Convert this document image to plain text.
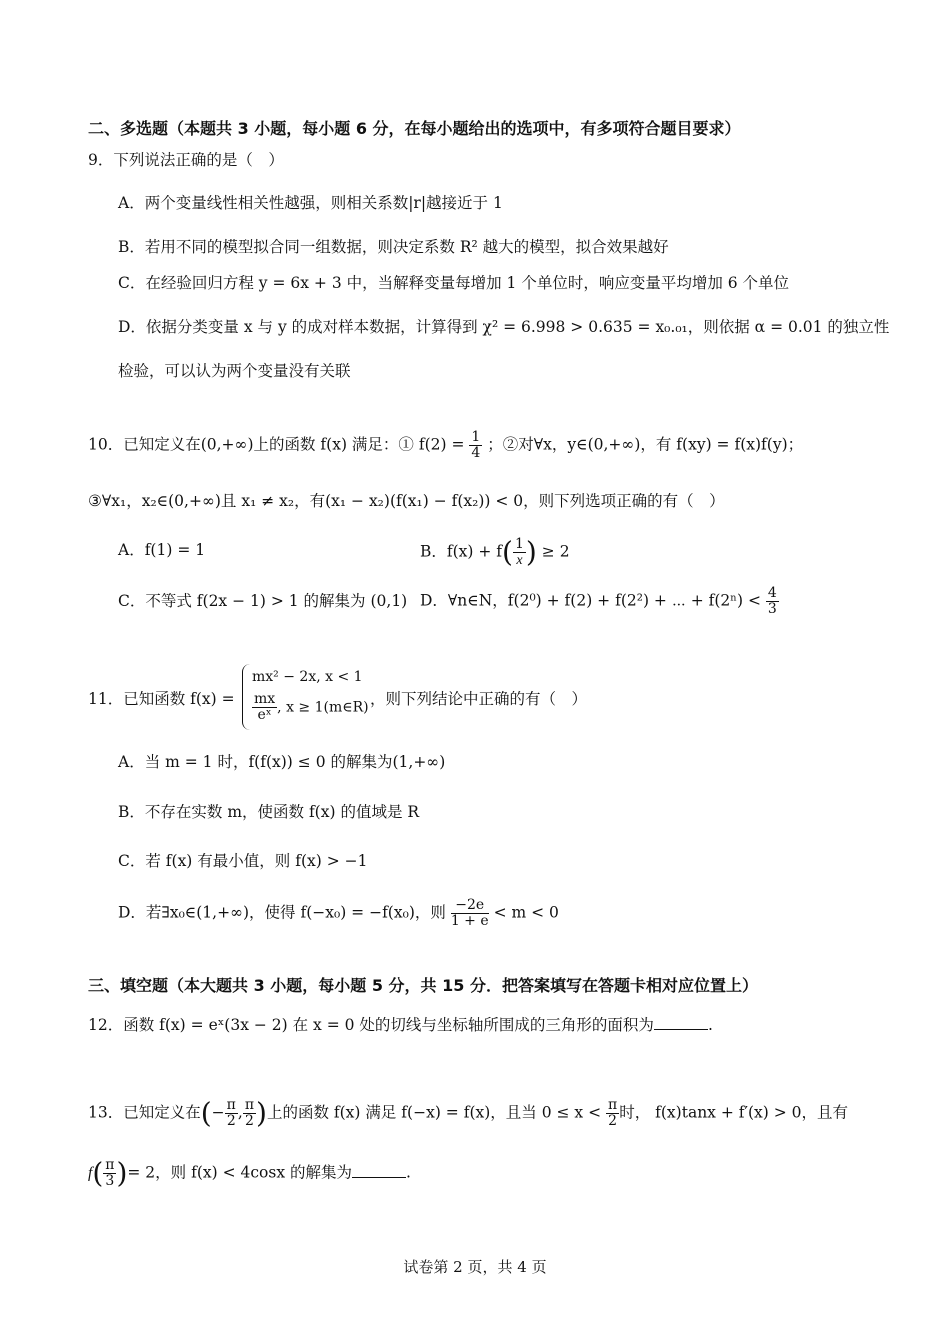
二、多选题（本题共 3 小题，每小题 6 分，在每小题给出的选项中，有多项符合题目要求）
9．下列说法正确的是（　）
A．两个变量线性相关性越强，则相关系数|r|越接近于 1
B．若用不同的模型拟合同一组数据，则决定系数 R² 越大的模型，拟合效果越好
C．在经验回归方程 y = 6x + 3 中，当解释变量每增加 1 个单位时，响应变量平均增加 6 个单位
D．依据分类变量 x 与 y 的成对样本数据，计算得到 χ² = 6.998 > 0.635 = x₀.₀₁，则依据 α = 0.01 的独立性
检验，可以认为两个变量没有关联
10．已知定义在(0,+∞)上的函数 f(x) 满足：① $f(2) = \frac{1}{4}$ ；②对∀x，y∈(0,+∞)，有 f(xy) = f(x)f(y)；
③∀x₁，x₂∈(0,+∞)且 x₁ ≠ x₂，有(x₁ − x₂)(f(x₁) − f(x₂)) < 0，则下列选项正确的有（　）
A．f(1) = 1	B．$f(x) + f( \frac{1}{x}$ ) ≥ 2
C．不等式 f(2x − 1) > 1 的解集为 (0,1) D．∀n∈N，f(2⁰) + f(2) + f(2²) + ⋯ + $f(2^n) < \frac{4}{3}$
11．已知函数 f(x) =
mx² − 2x, x < 1
$\frac{mx}{\text{eˣ}}$ , x ≥ 1(m∈R) ，则下列结论中正确的有（　）
A．当 m = 1 时，f(f(x)) ≤ 0 的解集为(1,+∞)
B．不存在实数 m，使函数 f(x) 的值域是 R
C．若 f(x) 有最小值，则 f(x) > −1
D．若∃x₀∈(1,+∞)，使得 f(−x₀) = −f(x₀)，则 $\frac{-2e}{1 + e} < m < 0$
三、填空题（本大题共 3 小题，每小题 5 分，共 15 分．把答案填写在答题卡相对应位置上）
12．函数 f(x) = eˣ(3x − 2) 在 x = 0 处的切线与坐标轴所围成的三角形的面积为	.
13．已知定义在(− $\frac{\pi}{2}$ , $\frac{\pi}{2}$ )上的函数 f(x) 满足 f(−x) = f(x)，且当 $0 \le x < \frac{\pi}{2}$ 时， f(x)tanx + f′(x) > 0，且有
$f( \frac{\pi}{3}$ )= 2，则 f(x) < 4cosx 的解集为	.
试卷第 2 页，共 4 页
